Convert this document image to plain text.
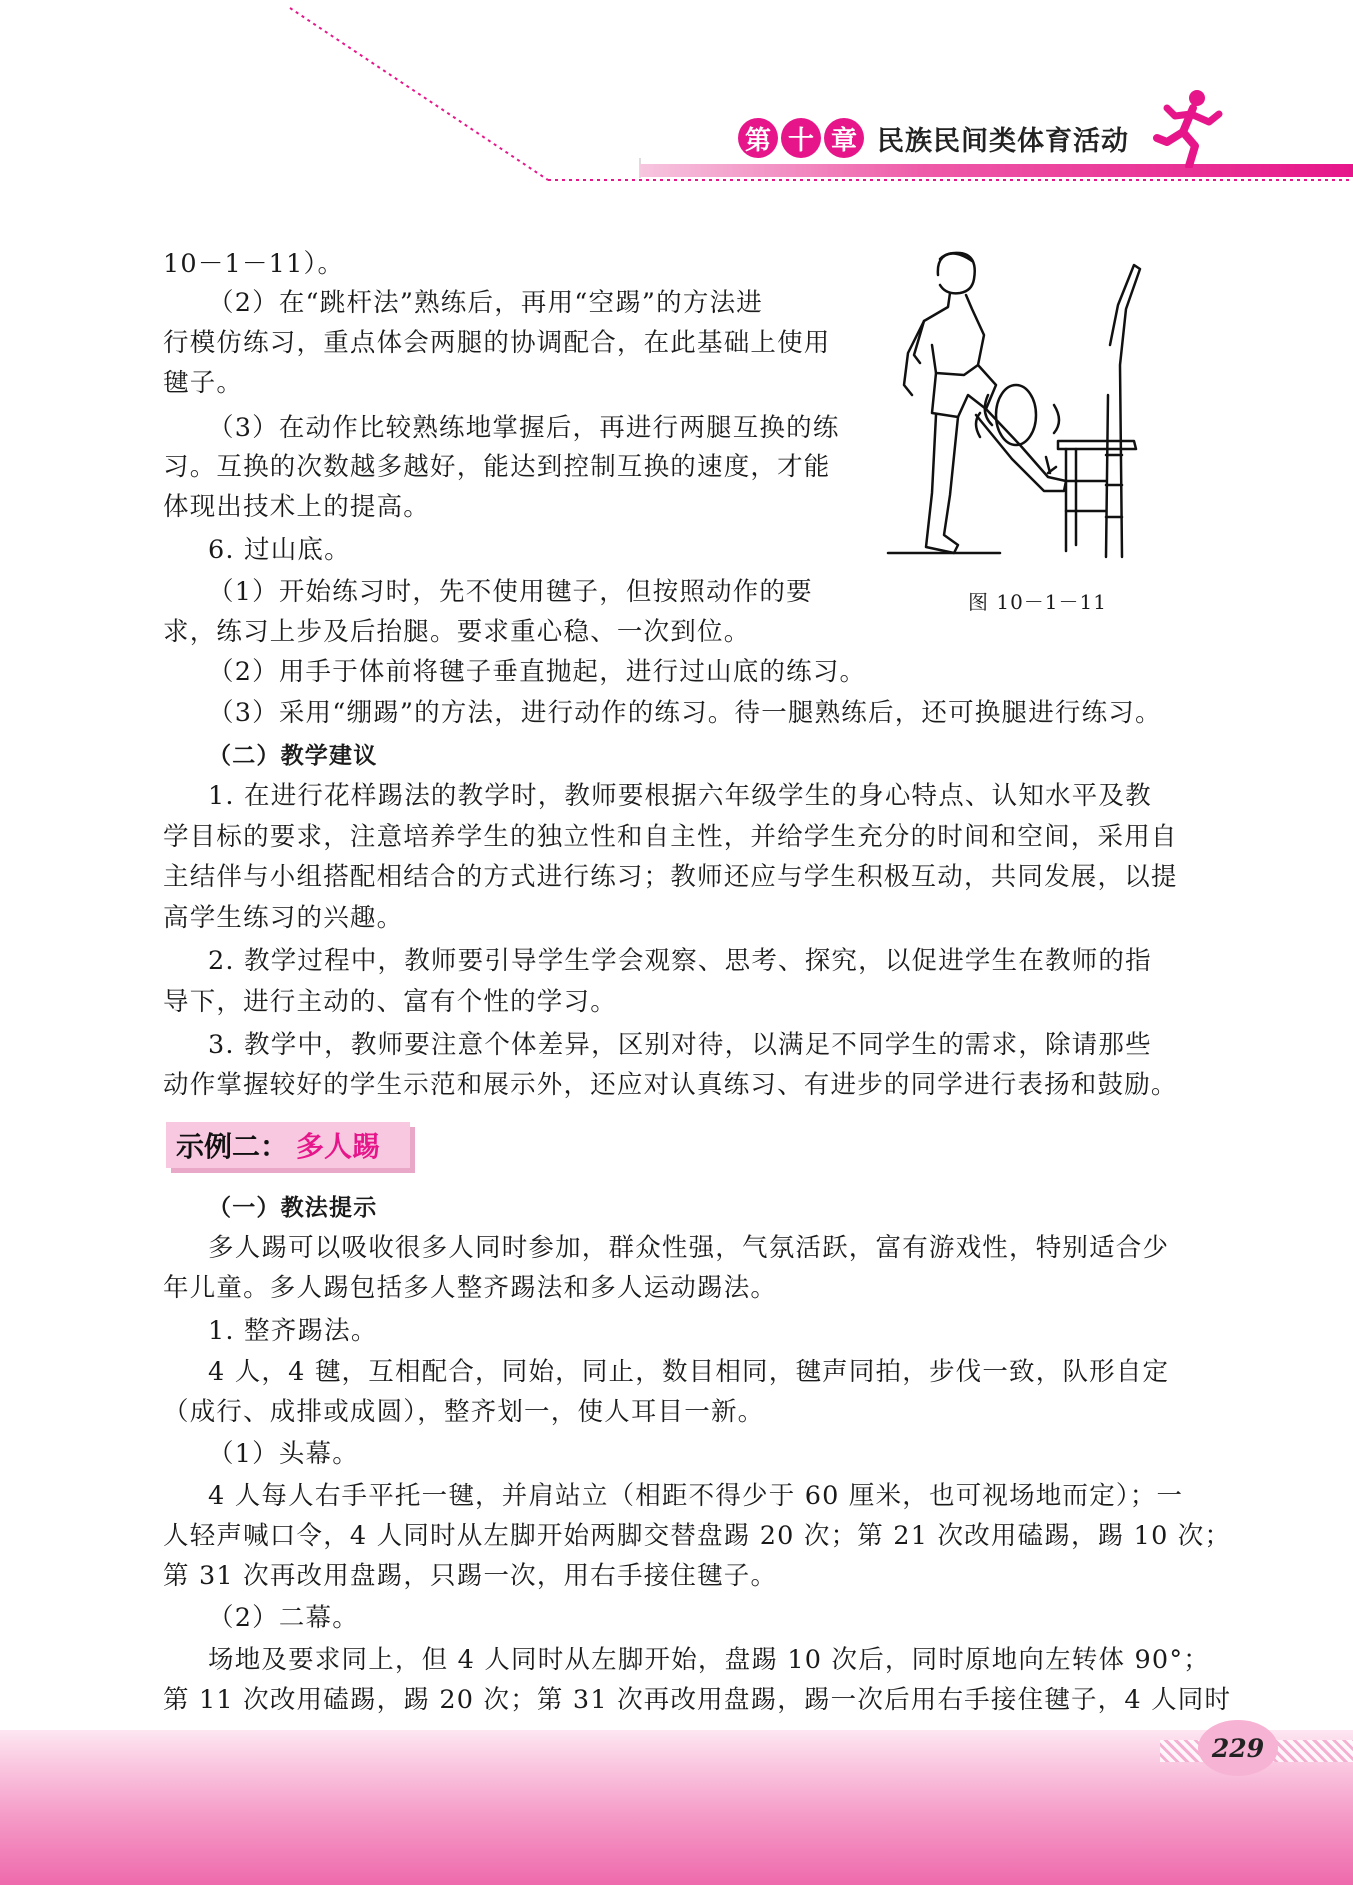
第 十 章 民族民间类体育活动
10－1－11）。
（2）在“跳杆法”熟练后，再用“空踢”的方法进
行模仿练习，重点体会两腿的协调配合，在此基础上使用
毽子。
（3）在动作比较熟练地掌握后，再进行两腿互换的练
习。互换的次数越多越好，能达到控制互换的速度，才能
体现出技术上的提高。
6. 过山底。
（1）开始练习时，先不使用毽子，但按照动作的要
求，练习上步及后抬腿。要求重心稳、一次到位。
（2）用手于体前将毽子垂直抛起，进行过山底的练习。
（3）采用“绷踢”的方法，进行动作的练习。待一腿熟练后，还可换腿进行练习。
（二）教学建议
1. 在进行花样踢法的教学时，教师要根据六年级学生的身心特点、认知水平及教
学目标的要求，注意培养学生的独立性和自主性，并给学生充分的时间和空间，采用自
主结伴与小组搭配相结合的方式进行练习；教师还应与学生积极互动，共同发展，以提
高学生练习的兴趣。
2. 教学过程中，教师要引导学生学会观察、思考、探究，以促进学生在教师的指
导下，进行主动的、富有个性的学习。
3. 教学中，教师要注意个体差异，区别对待，以满足不同学生的需求，除请那些
动作掌握较好的学生示范和展示外，还应对认真练习、有进步的同学进行表扬和鼓励。
示例二： 多人踢
（一）教法提示
多人踢可以吸收很多人同时参加，群众性强，气氛活跃，富有游戏性，特别适合少
年儿童。多人踢包括多人整齐踢法和多人运动踢法。
1. 整齐踢法。
4 人，4 毽，互相配合，同始，同止，数目相同，毽声同拍，步伐一致，队形自定
（成行、成排或成圆），整齐划一，使人耳目一新。
（1）头幕。
4 人每人右手平托一毽，并肩站立（相距不得少于 60 厘米，也可视场地而定）；一
人轻声喊口令，4 人同时从左脚开始两脚交替盘踢 20 次；第 21 次改用磕踢，踢 10 次；
第 31 次再改用盘踢，只踢一次，用右手接住毽子。
（2）二幕。
场地及要求同上，但 4 人同时从左脚开始，盘踢 10 次后，同时原地向左转体 90°；
第 11 次改用磕踢，踢 20 次；第 31 次再改用盘踢，踢一次后用右手接住毽子，4 人同时
图 10－1－11
229
